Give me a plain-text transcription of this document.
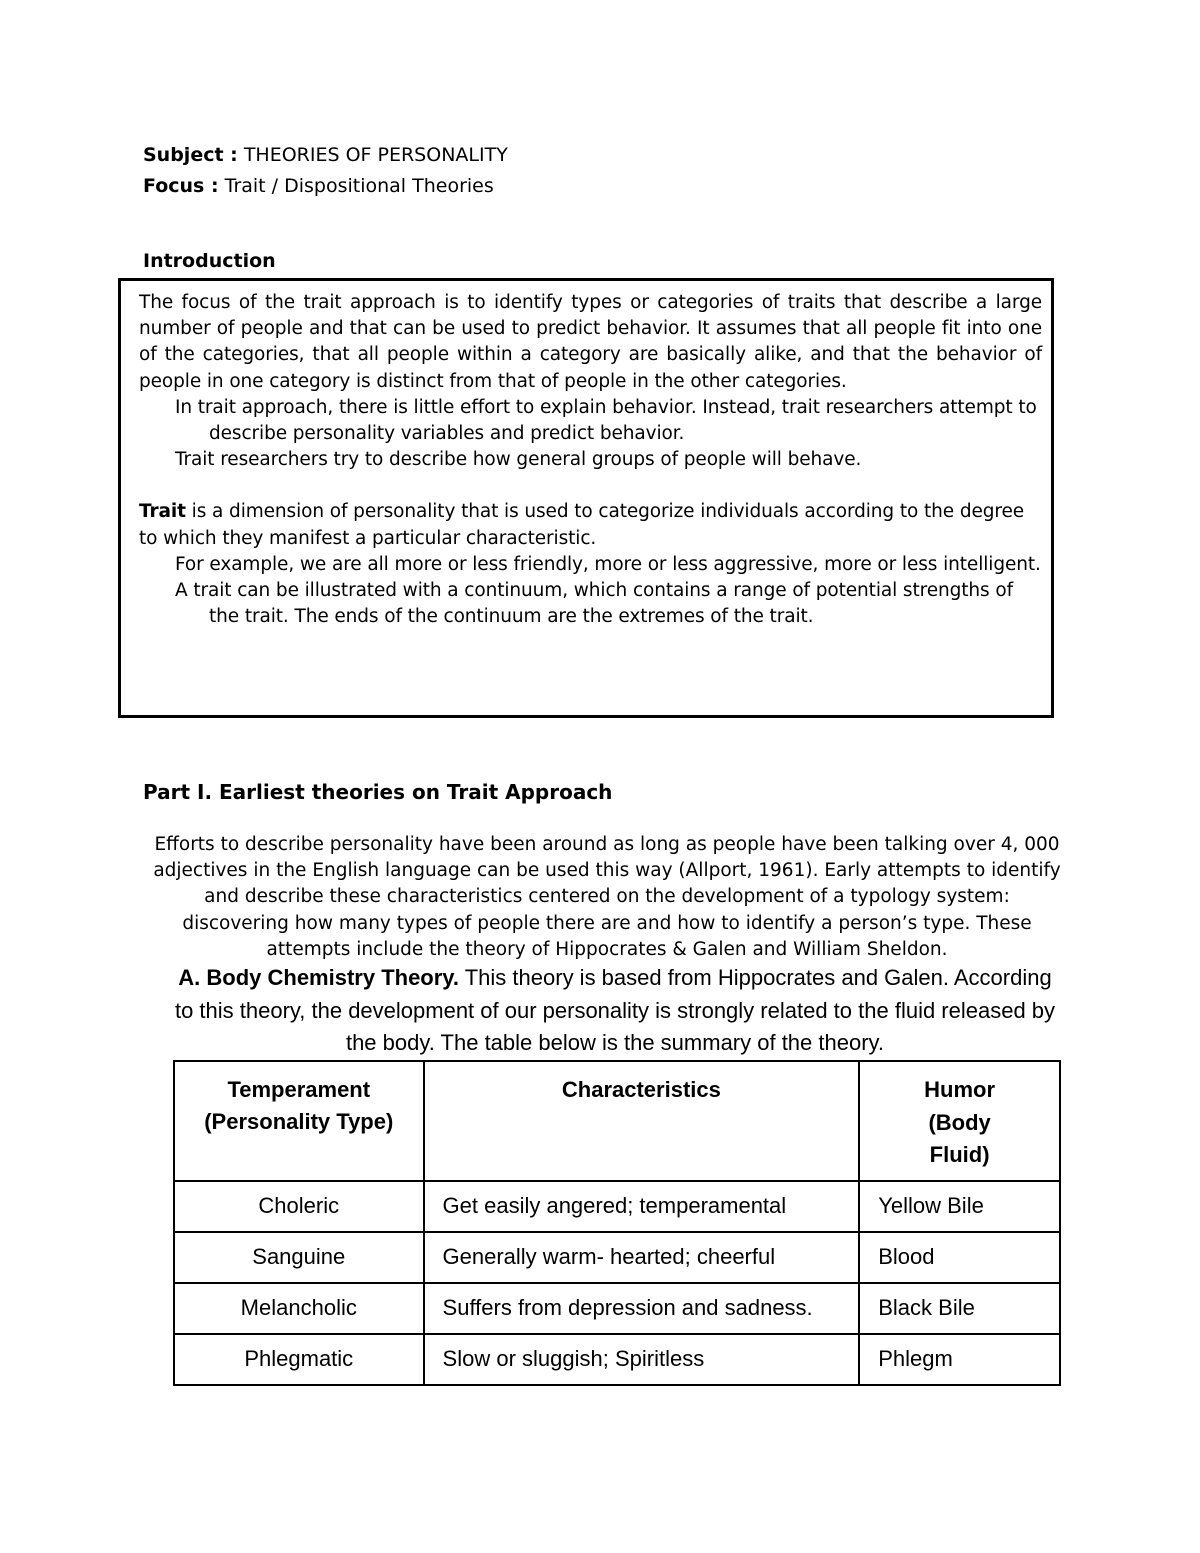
Subject : THEORIES OF PERSONALITY
Focus : Trait / Dispositional Theories
Introduction

The focus of the trait approach is to identify types or categories of traits that describe a large number of people and that can be used to predict behavior. It assumes that all people fit into one of the categories, that all people within a category are basically alike, and that the behavior of people in one category is distinct from that of people in the other categories.

In trait approach, there is little effort to explain behavior. Instead, trait researchers attempt to describe personality variables and predict behavior.

Trait researchers try to describe how general groups of people will behave.

Trait is a dimension of personality that is used to categorize individuals according to the degree to which they manifest a particular characteristic.

For example, we are all more or less friendly, more or less aggressive, more or less intelligent.

A trait can be illustrated with a continuum, which contains a range of potential strengths of the trait. The ends of the continuum are the extremes of the trait.

Part I. Earliest theories on Trait Approach

Efforts to describe personality have been around as long as people have been talking over 4, 000 adjectives in the English language can be used this way (Allport, 1961). Early attempts to identify and describe these characteristics centered on the development of a typology system: discovering how many types of people there are and how to identify a person’s type. These attempts include the theory of Hippocrates & Galen and William Sheldon.

A. Body Chemistry Theory. This theory is based from Hippocrates and Galen. According to this theory, the development of our personality is strongly related to the fluid released by the body. The table below is the summary of the theory.

Temperament (Personality Type)	Characteristics	Humor (Body Fluid)
Choleric	Get easily angered; temperamental	Yellow Bile
Sanguine	Generally warm- hearted; cheerful	Blood
Melancholic	Suffers from depression and sadness.	Black Bile
Phlegmatic	Slow or sluggish; Spiritless	Phlegm
